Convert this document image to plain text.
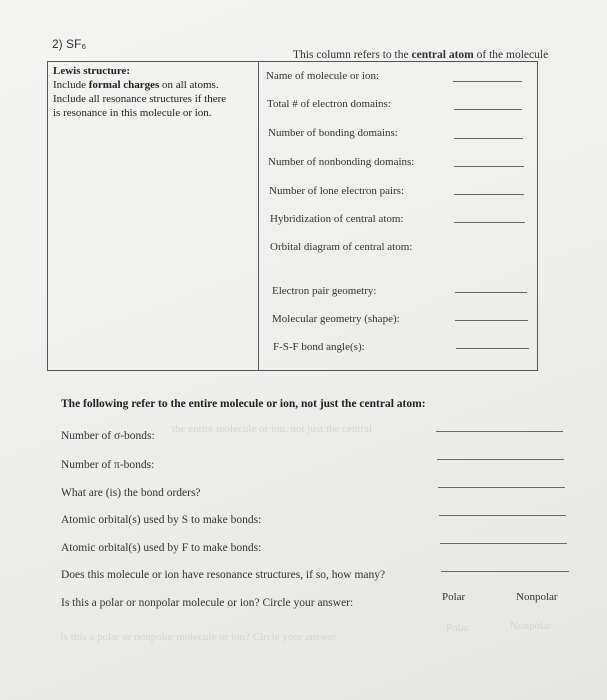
the entire molecule or ion, not just the central
Is this a polar or nonpolar molecule or ion? Circle your answer
Polar	Nonpolar
2) SF₆
This column refers to the central atom of the molecule
Lewis structure:
Include formal charges on all atoms.
Include all resonance structures if there
is resonance in this molecule or ion.
Name of molecule or ion:
Total # of electron domains:
Number of bonding domains:
Number of nonbonding domains:
Number of lone electron pairs:
Hybridization of central atom:
Orbital diagram of central atom:
Electron pair geometry:
Molecular geometry (shape):
F-S-F bond angle(s):
The following refer to the entire molecule or ion, not just the central atom:
Number of σ-bonds:
Number of π-bonds:
What are (is) the bond orders?
Atomic orbital(s) used by S to make bonds:
Atomic orbital(s) used by F to make bonds:
Does this molecule or ion have resonance structures, if so, how many?
Is this a polar or nonpolar molecule or ion? Circle your answer:	Polar	Nonpolar
